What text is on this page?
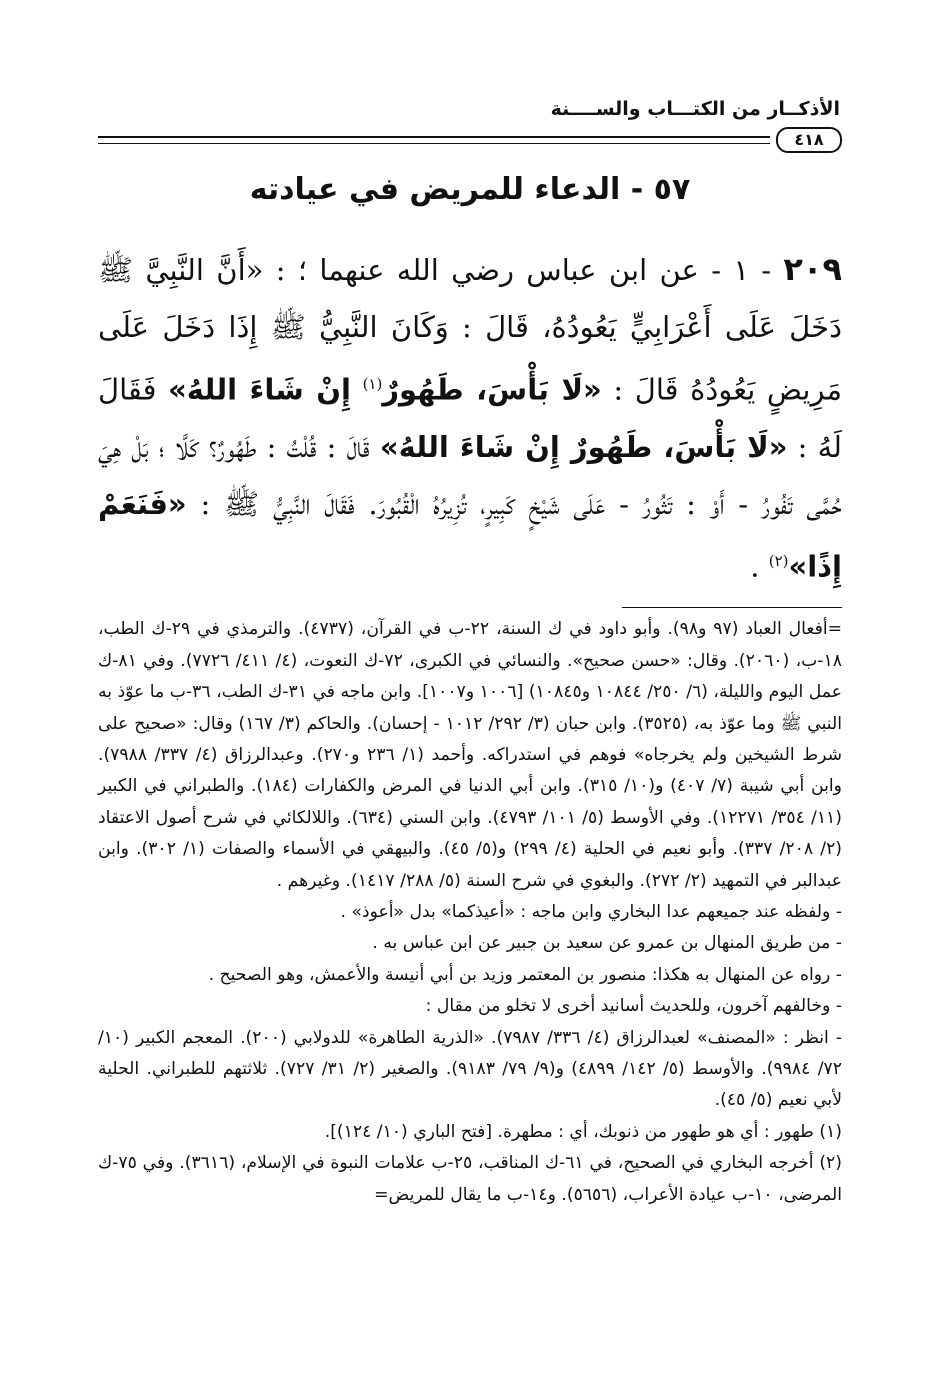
الأذكــار من الكتـــاب والســــنة
٤١٨
٥٧ - الدعاء للمريض في عيادته
٢٠٩ - ١ - عن ابن عباس رضي الله عنهما ؛ : «أَنَّ النَّبِيَّ ﷺ دَخَلَ عَلَى أَعْرَابِيٍّ يَعُودُهُ، قَالَ : وَكَانَ النَّبِيُّ ﷺ إِذَا دَخَلَ عَلَى مَرِيضٍ يَعُودُهُ قَالَ : «لَا بَأْسَ، طَهُورٌ$^{(١)}$ إِنْ شَاءَ اللهُ» فَقَالَ لَهُ : «لَا بَأْسَ، طَهُورٌ إِنْ شَاءَ اللهُ» قَالَ : قُلْتُ : طَهُورٌ؟ كَلَّا ؛ بَلْ هِيَ حُمَّى تَفُورُ - أَوْ : تَثُورُ - عَلَى شَيْخٍ كَبِيرٍ، تُزِيرُهُ الْقُبُورَ. فَقَالَ النَّبِيُّ ﷺ : «فَنَعَمْ إِذًا»$^{(٢)}$ .

=أفعال العباد (٩٧ و٩٨). وأبو داود في ك السنة، ٢٢-ب في القرآن، (٤٧٣٧). والترمذي في ٢٩-ك الطب، ١٨-ب، (٢٠٦٠). وقال: «حسن صحيح». والنسائي في الكبرى، ٧٢-ك النعوت، (٤/ ٤١١/ ٧٧٢٦). وفي ٨١-ك عمل اليوم والليلة، (٦/ ٢٥٠/ ١٠٨٤٤ و١٠٨٤٥) [١٠٠٦ و١٠٠٧]. وابن ماجه في ٣١-ك الطب، ٣٦-ب ما عوّذ به النبي ﷺ وما عوّذ به، (٣٥٢٥). وابن حبان (٣/ ٢٩٢/ ١٠١٢ - إحسان). والحاكم (٣/ ١٦٧) وقال: «صحيح على شرط الشيخين ولم يخرجاه» فوهم في استدراكه. وأحمد (١/ ٢٣٦ و٢٧٠). وعبدالرزاق (٤/ ٣٣٧/ ٧٩٨٨). وابن أبي شيبة (٧/ ٤٠٧) و(١٠/ ٣١٥). وابن أبي الدنيا في المرض والكفارات (١٨٤). والطبراني في الكبير (١١/ ٣٥٤/ ١٢٢٧١). وفي الأوسط (٥/ ١٠١/ ٤٧٩٣). وابن السني (٦٣٤). واللالكائي في شرح أصول الاعتقاد (٢/ ٢٠٨/ ٣٣٧). وأبو نعيم في الحلية (٤/ ٢٩٩) و(٥/ ٤٥). والبيهقي في الأسماء والصفات (١/ ٣٠٢). وابن عبدالبر في التمهيد (٢/ ٢٧٢). والبغوي في شرح السنة (٥/ ٢٨٨/ ١٤١٧). وغيرهم .

- ولفظه عند جميعهم عدا البخاري وابن ماجه : «أعيذكما» بدل «أعوذ» .

- من طريق المنهال بن عمرو عن سعيد بن جبير عن ابن عباس به .

- رواه عن المنهال به هكذا: منصور بن المعتمر وزيد بن أبي أنيسة والأعمش، وهو الصحيح .

- وخالفهم آخرون، وللحديث أسانيد أخرى لا تخلو من مقال :

- انظر : «المصنف» لعبدالرزاق (٤/ ٣٣٦/ ٧٩٨٧). «الذرية الطاهرة» للدولابي (٢٠٠). المعجم الكبير (١٠/ ٧٢/ ٩٩٨٤). والأوسط (٥/ ١٤٢/ ٤٨٩٩) و(٩/ ٧٩/ ٩١٨٣). والصغير (٢/ ٣١/ ٧٢٧). ثلاثتهم للطبراني. الحلية لأبي نعيم (٥/ ٤٥).

(١) طهور : أي هو طهور من ذنوبك، أي : مطهرة. [فتح الباري (١٠/ ١٢٤)].

(٢) أخرجه البخاري في الصحيح، في ٦١-ك المناقب، ٢٥-ب علامات النبوة في الإسلام، (٣٦١٦). وفي ٧٥-ك المرضى، ١٠-ب عيادة الأعراب، (٥٦٥٦). و١٤-ب ما يقال للمريض=
